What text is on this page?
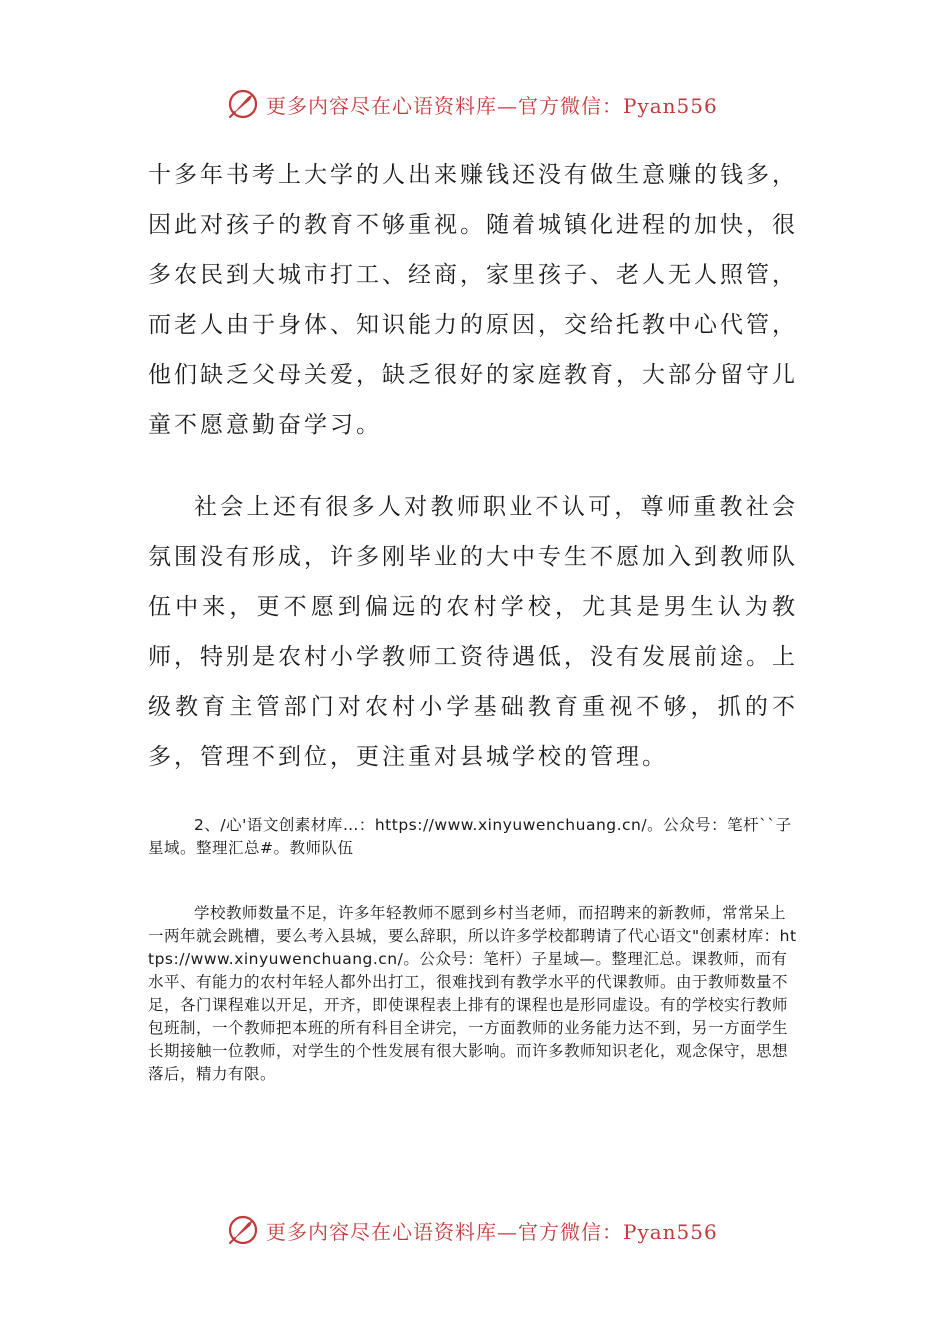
更多内容尽在心语资料库—官方微信：Pyan556

十多年书考上大学的人出来赚钱还没有做生意赚的钱多，因此对孩子的教育不够重视。随着城镇化进程的加快，很多农民到大城市打工、经商，家里孩子、老人无人照管，而老人由于身体、知识能力的原因，交给托教中心代管，他们缺乏父母关爱，缺乏很好的家庭教育，大部分留守儿童不愿意勤奋学习。

社会上还有很多人对教师职业不认可，尊师重教社会氛围没有形成，许多刚毕业的大中专生不愿加入到教师队伍中来，更不愿到偏远的农村学校，尤其是男生认为教师，特别是农村小学教师工资待遇低，没有发展前途。上级教育主管部门对农村小学基础教育重视不够，抓的不多，管理不到位，更注重对县城学校的管理。

2、/心'语文创素材库…：https://www.xinyuwenchuang.cn/。公众号：笔杆``子星域。整理汇总#。教师队伍

学校教师数量不足，许多年轻教师不愿到乡村当老师，而招聘来的新教师，常常呆上一两年就会跳槽，要么考入县城，要么辞职，所以许多学校都聘请了代心语文"创素材库：https://www.xinyuwenchuang.cn/。公众号：笔杆）子星域—。整理汇总。课教师，而有水平、有能力的农村年轻人都外出打工，很难找到有教学水平的代课教师。由于教师数量不足，各门课程难以开足，开齐，即使课程表上排有的课程也是形同虚设。有的学校实行教师包班制，一个教师把本班的所有科目全讲完，一方面教师的业务能力达不到，另一方面学生长期接触一位教师，对学生的个性发展有很大影响。而许多教师知识老化，观念保守，思想落后，精力有限。

更多内容尽在心语资料库—官方微信：Pyan556
